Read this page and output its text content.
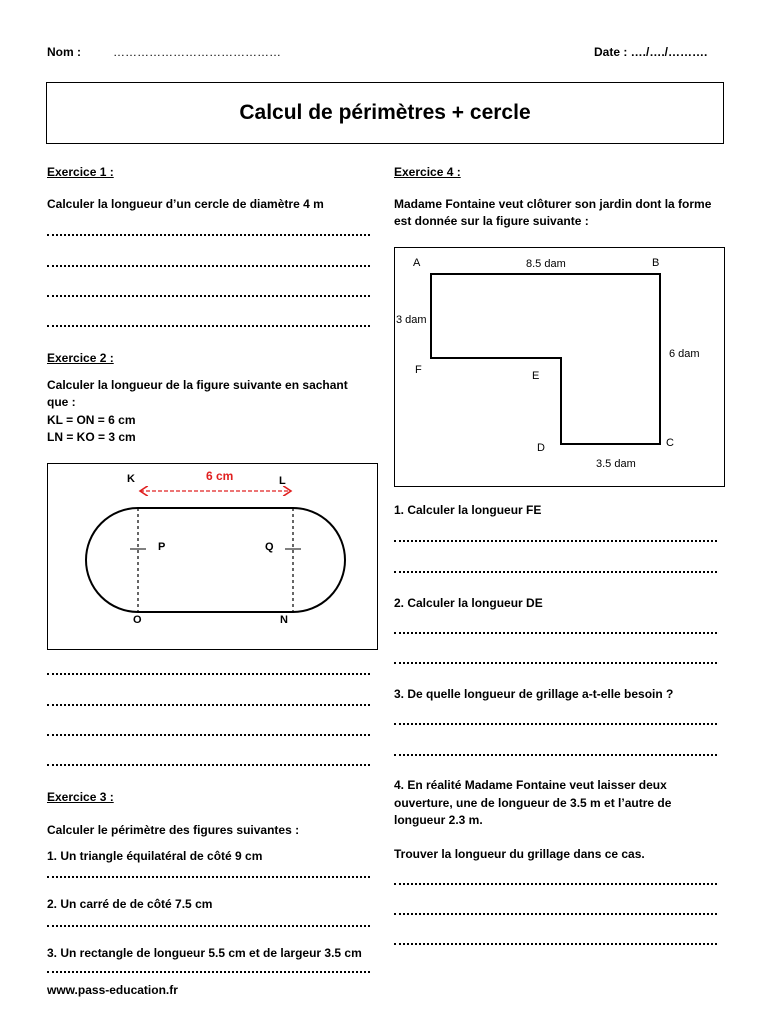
Nom :	……………………………………	Date : …./…./……….
Calcul de périmètres + cercle
Exercice 1 :
Calculer la longueur d’un cercle de diamètre 4 m
Exercice 2 :
Calculer la longueur de la figure suivante en sachant
que :
KL = ON = 6 cm
LN = KO = 3 cm
K	L
6 cm
P	Q
O	N
Exercice 3 :
Calculer le périmètre des figures suivantes :
1. Un triangle équilatéral de côté 9 cm
2. Un carré de de côté 7.5 cm
3. Un rectangle de longueur 5.5 cm et de largeur 3.5 cm
www.pass-education.fr
Exercice 4 :
Madame Fontaine veut clôturer son jardin dont la forme
est donnée sur la figure suivante :
A	B
8.5 dam
3 dam
6 dam
F	E
D	C
3.5 dam
1. Calculer la longueur FE
2. Calculer la longueur DE
3. De quelle longueur de grillage a-t-elle besoin ?
4. En réalité Madame Fontaine veut laisser deux
ouverture, une de longueur de 3.5 m et l’autre de
longueur 2.3 m.
Trouver la longueur du grillage dans ce cas.
